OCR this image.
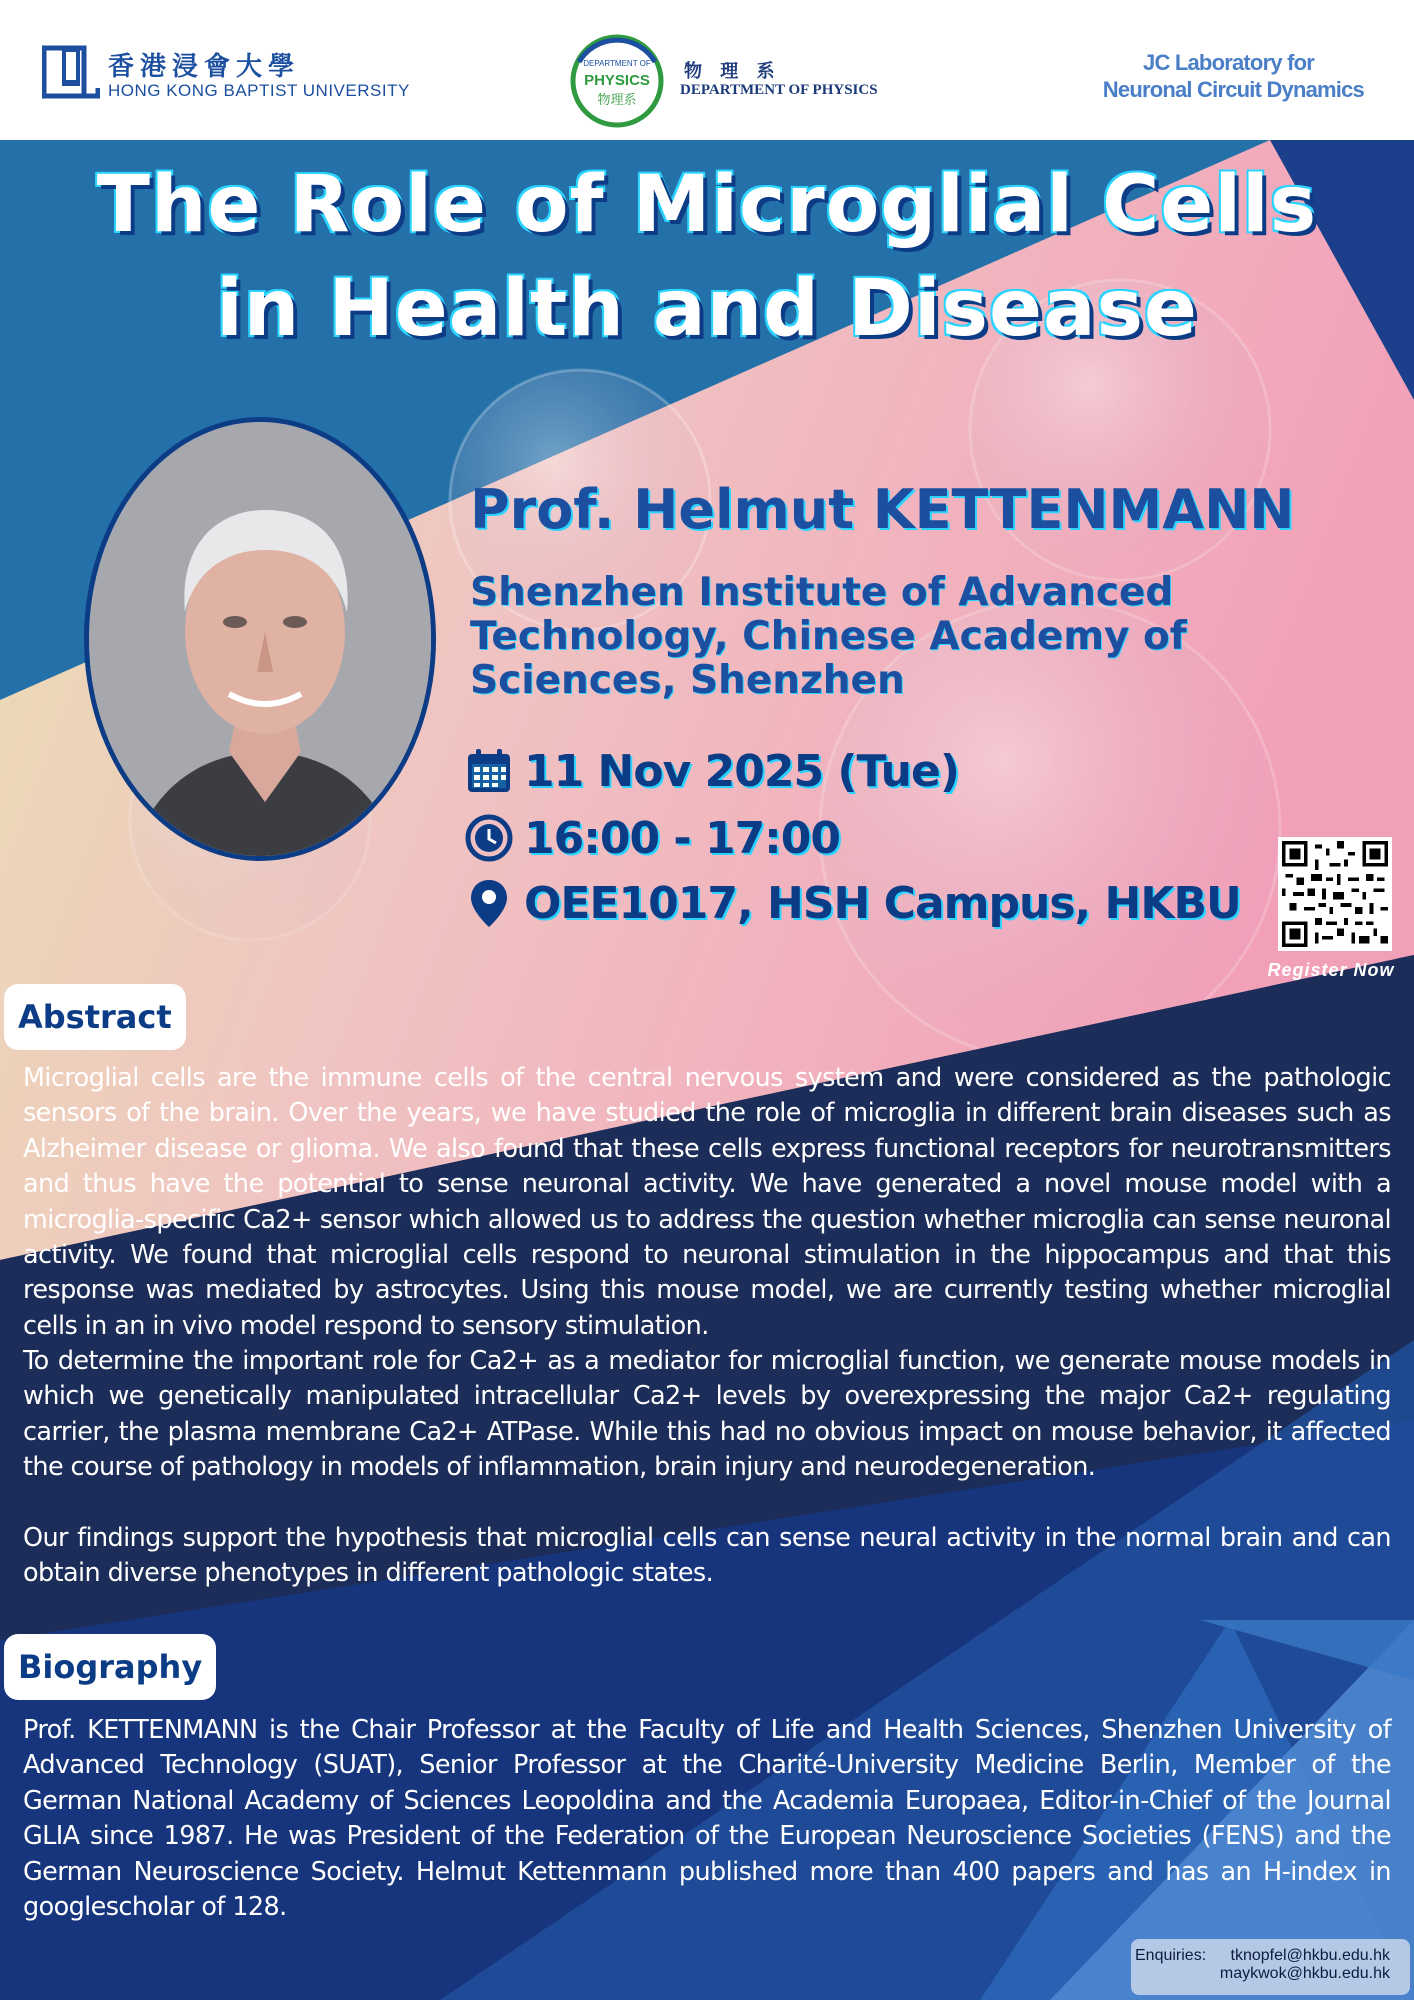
香港浸會大學
HONG KONG BAPTIST UNIVERSITY
DEPARTMENT OF
PHYSICS
物理系
物 理 系
DEPARTMENT OF PHYSICS
JC Laboratory for
Neuronal Circuit Dynamics
The Role of Microglial Cells
in Health and Disease
Prof. Helmut KETTENMANN
Shenzhen Institute of Advanced
Technology, Chinese Academy of
Sciences, Shenzhen
11 Nov 2025 (Tue)
16:00 - 17:00
OEE1017, HSH Campus, HKBU
Register Now
Abstract

Microglial cells are the immune cells of the central nervous system and were considered as the pathologic sensors of the brain. Over the years, we have studied the role of microglia in different brain diseases such as Alzheimer disease or glioma. We also found that these cells express functional receptors for neurotransmitters and thus have the potential to sense neuronal activity. We have generated a novel mouse model with a microglia-specific Ca2+ sensor which allowed us to address the question whether microglia can sense neuronal activity. We found that microglial cells respond to neuronal stimulation in the hippocampus and that this response was mediated by astrocytes. Using this mouse model, we are currently testing whether microglial cells in an in vivo model respond to sensory stimulation.

To determine the important role for Ca2+ as a mediator for microglial function, we generate mouse models in which we genetically manipulated intracellular Ca2+ levels by overexpressing the major Ca2+ regulating carrier, the plasma membrane Ca2+ ATPase. While this had no obvious impact on mouse behavior, it affected the course of pathology in models of inflammation, brain injury and neurodegeneration.

Our findings support the hypothesis that microglial cells can sense neural activity in the normal brain and can obtain diverse phenotypes in different pathologic states.

Biography

Prof. KETTENMANN is the Chair Professor at the Faculty of Life and Health Sciences, Shenzhen University of Advanced Technology (SUAT), Senior Professor at the Charité-University Medicine Berlin, Member of the German National Academy of Sciences Leopoldina and the Academia Europaea, Editor-in-Chief of the Journal GLIA since 1987. He was President of the Federation of the European Neuroscience Societies (FENS) and the German Neuroscience Society. Helmut Kettenmann published more than 400 papers and has an H-index in googlescholar of 128.

Enquiries: tknopfel@hkbu.edu.hk
maykwok@hkbu.edu.hk
